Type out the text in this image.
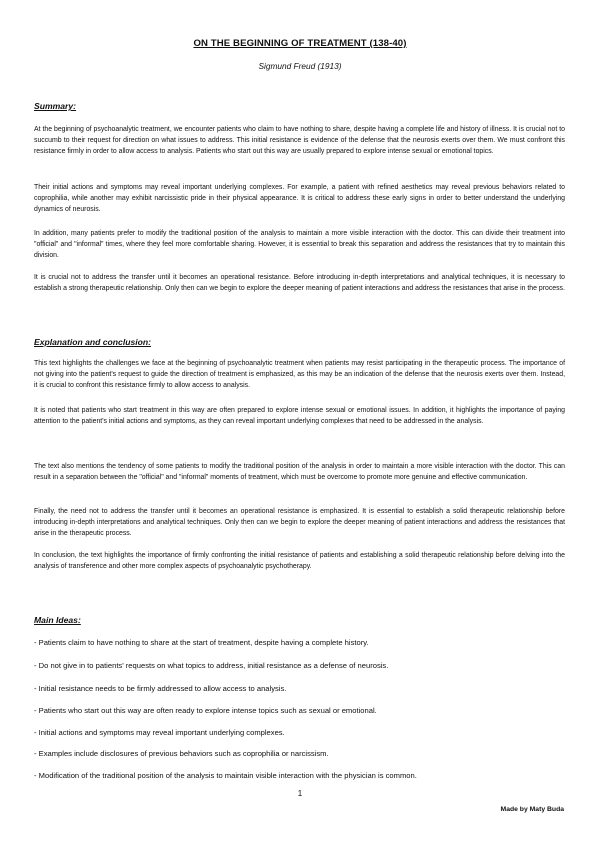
ON THE BEGINNING OF TREATMENT (138-40)
Sigmund Freud (1913)
Summary:

At the beginning of psychoanalytic treatment, we encounter patients who claim to have nothing to share, despite having a complete life and history of illness. It is crucial not to succumb to their request for direction on what issues to address. This initial resistance is evidence of the defense that the neurosis exerts over them. We must confront this resistance firmly in order to allow access to analysis. Patients who start out this way are usually prepared to explore intense sexual or emotional topics.

Their initial actions and symptoms may reveal important underlying complexes. For example, a patient with refined aesthetics may reveal previous behaviors related to coprophilia, while another may exhibit narcissistic pride in their physical appearance. It is critical to address these early signs in order to better understand the underlying dynamics of neurosis.

In addition, many patients prefer to modify the traditional position of the analysis to maintain a more visible interaction with the doctor. This can divide their treatment into "official" and "informal" times, where they feel more comfortable sharing. However, it is essential to break this separation and address the resistances that try to maintain this division.

It is crucial not to address the transfer until it becomes an operational resistance. Before introducing in-depth interpretations and analytical techniques, it is necessary to establish a strong therapeutic relationship. Only then can we begin to explore the deeper meaning of patient interactions and address the resistances that arise in the process.

Explanation and conclusion:

This text highlights the challenges we face at the beginning of psychoanalytic treatment when patients may resist participating in the therapeutic process. The importance of not giving into the patient's request to guide the direction of treatment is emphasized, as this may be an indication of the defense that the neurosis exerts over them. Instead, it is crucial to confront this resistance firmly to allow access to analysis.

It is noted that patients who start treatment in this way are often prepared to explore intense sexual or emotional issues. In addition, it highlights the importance of paying attention to the patient's initial actions and symptoms, as they can reveal important underlying complexes that need to be addressed in the analysis.

The text also mentions the tendency of some patients to modify the traditional position of the analysis in order to maintain a more visible interaction with the doctor. This can result in a separation between the "official" and "informal" moments of treatment, which must be overcome to promote more genuine and effective communication.

Finally, the need not to address the transfer until it becomes an operational resistance is emphasized. It is essential to establish a solid therapeutic relationship before introducing in-depth interpretations and analytical techniques. Only then can we begin to explore the deeper meaning of patient interactions and address the resistances that arise in the therapeutic process.

In conclusion, the text highlights the importance of firmly confronting the initial resistance of patients and establishing a solid therapeutic relationship before delving into the analysis of transference and other more complex aspects of psychoanalytic psychotherapy.

Main Ideas:

- Patients claim to have nothing to share at the start of treatment, despite having a complete history.

- Do not give in to patients' requests on what topics to address, initial resistance as a defense of neurosis.

- Initial resistance needs to be firmly addressed to allow access to analysis.

- Patients who start out this way are often ready to explore intense topics such as sexual or emotional.

- Initial actions and symptoms may reveal important underlying complexes.

- Examples include disclosures of previous behaviors such as coprophilia or narcissism.

- Modification of the traditional position of the analysis to maintain visible interaction with the physician is common.

1
Made by Maty Buda
